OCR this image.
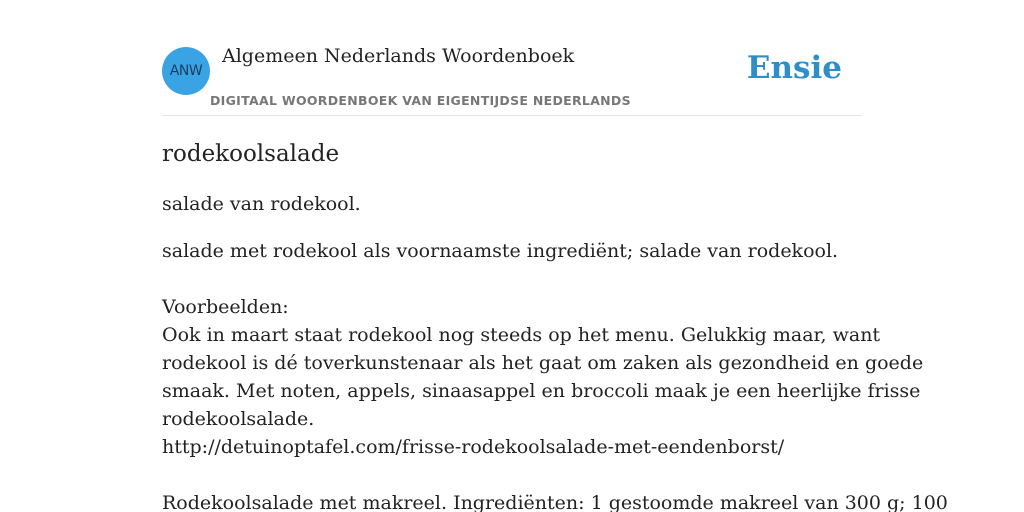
ANW
Algemeen Nederlands Woordenboek
DIGITAAL WOORDENBOEK VAN EIGENTIJDSE NEDERLANDS
Ensie
rodekoolsalade
salade van rodekool.
salade met rodekool als voornaamste ingrediënt; salade van rodekool.
Voorbeelden:
Ook in maart staat rodekool nog steeds op het menu. Gelukkig maar, want
rodekool is dé toverkunstenaar als het gaat om zaken als gezondheid en goede
smaak. Met noten, appels, sinaasappel en broccoli maak je een heerlijke frisse
rodekoolsalade.
http://detuinoptafel.com/frisse-rodekoolsalade-met-eendenborst/
Rodekoolsalade met makreel. Ingrediënten: 1 gestoomde makreel van 300 g; 100
